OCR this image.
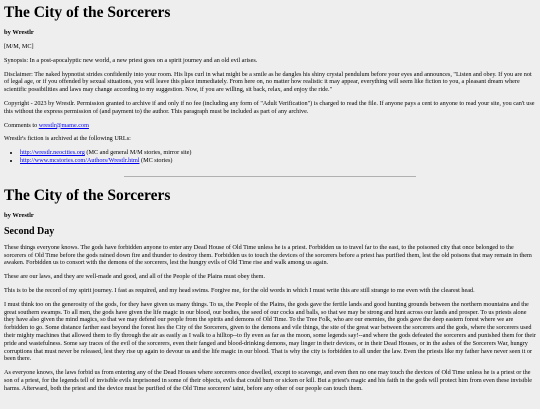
The City of the Sorcerers
by Wrestlr
[M/M, MC]
Synopsis: In a post-apocalyptic new world, a new priest goes on a spirit journey and an old evil arises.
Disclaimer: The naked hypnotist strides confidently into your room. His lips curl in what might be a smile as he dangles his shiny crystal pendulum before your eyes and announces, "Listen and obey. If you are not of legal age, or if you offended by sexual situations, you will leave this place immediately. From here on, no matter how realistic it may appear, everything will seem like fiction to you, a pleasant dream where scientific possibilities and laws may change according to my suggestion. Now, if you are willing, sit back, relax, and enjoy the ride."
Copyright - 2023 by Wrestlr. Permission granted to archive if and only if no fee (including any form of "Adult Verification") is charged to read the file. If anyone pays a cent to anyone to read your site, you can't use this without the express permission of (and payment to) the author. This paragraph must be included as part of any archive.
Comments to wrestlr@mame.com
Wrestlr's fiction is archived at the following URLs:
• http://wrestlr.neocities.org (MC and general M/M stories, mirror site)
• http://www.mcstories.com/Authors/Wrestlr.html (MC stories)
The City of the Sorcerers
by Wrestlr
Second Day
These things everyone knows. The gods have forbidden anyone to enter any Dead House of Old Time unless he is a priest. Forbidden us to travel far to the east, to the poisoned city that once belonged to the sorcerers of Old Time before the gods rained down fire and thunder to destroy them. Forbidden us to touch the devices of the sorcerers before a priest has purified them, lest the old poisons that may remain in them awaken. Forbidden us to consort with the demons of the sorcerers, lest the hungry evils of Old Time rise and walk among us again.
These are our laws, and they are well-made and good, and all of the People of the Plains must obey them.
This is to be the record of my spirit journey. I fast as required, and my head swims. Forgive me, for the old words in which I must write this are still strange to me even with the clearest head.
I must think too on the generosity of the gods, for they have given us many things. To us, the People of the Plains, the gods gave the fertile lands and good hunting grounds between the northern mountains and the great southern swamps. To all men, the gods have given the life magic in our blood, our bodies, the seed of our cocks and balls, so that we may be strong and hunt across our lands and prosper. To us priests alone they have also given the mind magics, so that we may defend our people from the spirits and demons of Old Time. To the Tree Folk, who are our enemies, the gods gave the deep eastern forest where we are forbidden to go. Some distance farther east beyond the forest lies the City of the Sorcerers, given to the demons and vile things, the site of the great war between the sorcerers and the gods, where the sorcerers used their mighty machines that allowed them to fly through the air as easily as I walk to a hilltop--to fly even as far as the moon, some legends say!--and where the gods defeated the sorcerers and punished them for their pride and wastefulness. Some say traces of the evil of the sorcerers, even their fanged and blood-drinking demons, may linger in their devices, or in their Dead Houses, or in the ashes of the Sorcerers War, hungry corruptions that must never be released, lest they rise up again to devour us and the life magic in our blood. That is why the city is forbidden to all under the law. Even the priests like my father have never seen it or been there.
As everyone knows, the laws forbid us from entering any of the Dead Houses where sorcerers once dwelled, except to scavenge, and even then no one may touch the devices of Old Time unless he is a priest or the son of a priest, for the legends tell of invisible evils imprisoned in some of their objects, evils that could burn or sicken or kill. But a priest's magic and his faith in the gods will protect him from even these invisible harms. Afterward, both the priest and the device must be purified of the Old Time sorcerers' taint, before any other of our people can touch them.
